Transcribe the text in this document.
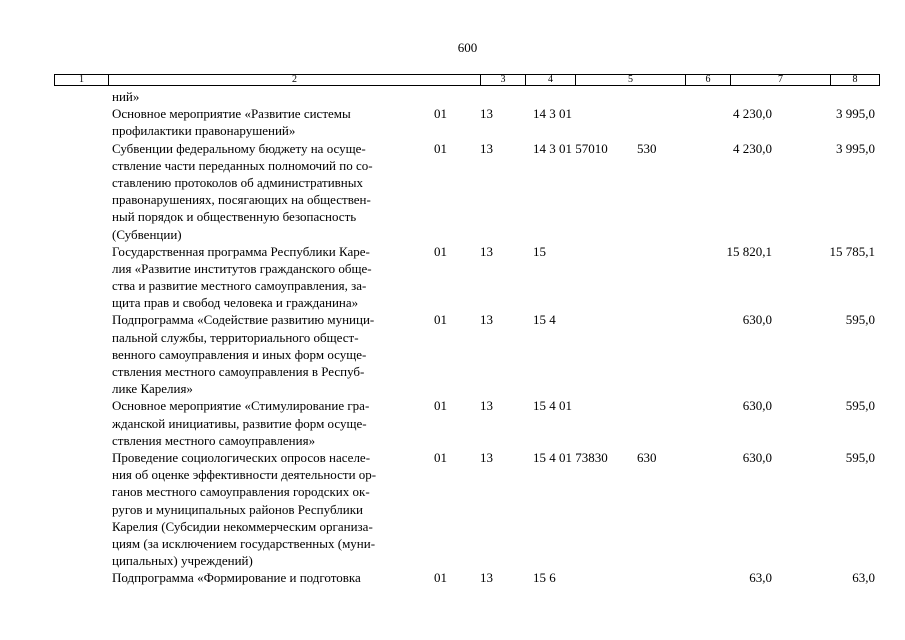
600
1	2	3	4	5	6	7	8
ний»
Основное мероприятие «Развитие системы
профилактики правонарушений»
01	13	14 3 01	4 230,0	3 995,0
Субвенции федеральному бюджету на осуще-
ствление части переданных полномочий по со-
ставлению протоколов об административных
правонарушениях, посягающих на обществен-
ный порядок и общественную безопасность
(Субвенции)
01	13	14 3 01 57010 530	4 230,0	3 995,0
Государственная программа Республики Каре-
лия «Развитие институтов гражданского обще-
ства и развитие местного самоуправления, за-
щита прав и свобод человека и гражданина»
01	13	15	15 820,1	15 785,1
Подпрограмма «Содействие развитию муници-
пальной службы, территориального общест-
венного самоуправления и иных форм осуще-
ствления местного самоуправления в Респуб-
лике Карелия»
01	13	15 4	630,0	595,0
Основное мероприятие «Стимулирование гра-
жданской инициативы, развитие форм осуще-
ствления местного самоуправления»
01	13	15 4 01	630,0	595,0
Проведение социологических опросов населе-
ния об оценке эффективности деятельности ор-
ганов местного самоуправления городских ок-
ругов и муниципальных районов Республики
Карелия (Субсидии некоммерческим организа-
циям (за исключением государственных (муни-
ципальных) учреждений)
01	13	15 4 01 73830 630	630,0	595,0
Подпрограмма «Формирование и подготовка	01	13	15 6	63,0	63,0
